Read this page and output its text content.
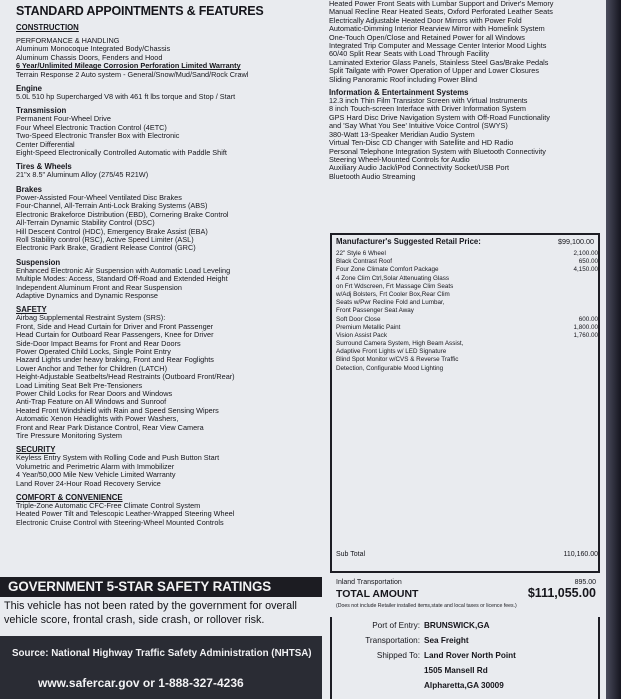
STANDARD APPOINTMENTS & FEATURES
CONSTRUCTION
PERFORMANCE & HANDLING
Aluminum Monocoque Integrated Body/Chassis
Aluminum Chassis Doors, Fenders and Hood
6 Year/Unlimited Mileage Corrosion Perforation Limited Warranty
Terrain Response 2 Auto system - General/Snow/Mud/Sand/Rock Crawl
Engine
5.0L 510 hp Supercharged V8 with 461 ft lbs torque and Stop / Start
Transmission
Permanent Four-Wheel Drive
Four Wheel Electronic Traction Control (4ETC)
Two-Speed Electronic Transfer Box with Electronic
Center Differential
Eight-Speed Electronically Controlled Automatic with Paddle Shift
Tires & Wheels
21"x 8.5" Aluminum Alloy (275/45 R21W)
Brakes
Power-Assisted Four-Wheel Ventilated Disc Brakes
Four-Channel, All-Terrain Anti-Lock Braking Systems (ABS)
Electronic Brakeforce Distribution (EBD), Cornering Brake Control
All-Terrain Dynamic Stability Control (DSC)
Hill Descent Control (HDC), Emergency Brake Assist (EBA)
Roll Stability control (RSC), Active Speed Limiter (ASL)
Electronic Park Brake, Gradient Release Control (GRC)
Suspension
Enhanced Electronic Air Suspension with Automatic Load Leveling
Multiple Modes: Access, Standard Off-Road and Extended Height
Independent Aluminum Front and Rear Suspension
Adaptive Dynamics and Dynamic Response
SAFETY
Airbag Supplemental Restraint System (SRS):
Front, Side and Head Curtain for Driver and Front Passenger
Head Curtain for Outboard Rear Passengers, Knee for Driver
Side-Door Impact Beams for Front and Rear Doors
Power Operated Child Locks, Single Point Entry
Hazard Lights under heavy braking, Front and Rear Foglights
Lower Anchor and Tether for Children (LATCH)
Height-Adjustable Seatbelts/Head Restraints (Outboard Front/Rear)
Load Limiting Seat Belt Pre-Tensioners
Power Child Locks for Rear Doors and Windows
Anti-Trap Feature on All Windows and Sunroof
Heated Front Windshield with Rain and Speed Sensing Wipers
Automatic Xenon Headlights with Power Washers,
Front and Rear Park Distance Control, Rear View Camera
Tire Pressure Monitoring System
SECURITY
Keyless Entry System with Rolling Code and Push Button Start
Volumetric and Perimetric Alarm with Immobilizer
4 Year/50,000 Mile New Vehicle Limited Warranty
Land Rover 24-Hour Road Recovery Service
COMFORT & CONVENIENCE
Triple-Zone Automatic CFC-Free Climate Control System
Heated Power Tilt and Telescopic Leather-Wrapped Steering Wheel
Electronic Cruise Control with Steering-Wheel Mounted Controls
Heated Power Front Seats with Lumbar Support and Driver's Memory
Manual Recline Rear Heated Seats, Oxford Perforated Leather Seats
Electrically Adjustable Heated Door Mirrors with Power Fold
Automatic-Dimming Interior Rearview Mirror with Homelink System
One-Touch Open/Close and Retained Power for all Windows
Integrated Trip Computer and Message Center Interior Mood Lights
60/40 Split Rear Seats with Load Through Facility
Laminated Exterior Glass Panels, Stainless Steel Gas/Brake Pedals
Split Tailgate with Power Operation of Upper and Lower Closures
Sliding Panoramic Roof including Power Blind
Information & Entertainment Systems
12.3 inch Thin Film Transistor Screen with Virtual Instruments
8 inch Touch-screen Interface with Driver Information System
GPS Hard Disc Drive Navigation System with Off-Road Functionality
and 'Say What You See' Intuitive Voice Control (SWYS)
380-Watt 13-Speaker Meridian Audio System
Virtual Ten-Disc CD Changer with Satellite and HD Radio
Personal Telephone Integration System with Bluetooth Connectivity
Steering Wheel-Mounted Controls for Audio
Auxiliary Audio Jack/iPod Connectivity Socket/USB Port
Bluetooth Audio Streaming
Manufacturer's Suggested Retail Price:	$99,100.00
22" Style 6 Wheel	2,100.00
Black Contrast Roof	650.00
Four Zone Climate Comfort Package	4,150.00
4 Zone Clim Ctrl,Solar Attenuating Glass
on Frt Wdscreen, Frt Massage Clim Seats
w/Adj Bolsters, Frt Cooler Box,Rear Clim
Seats w/Pwr Recline Fold and Lumbar,
Front Passenger Seat Away
Soft Door Close	600.00
Premium Metallic Paint	1,800.00
Vision Assist Pack	1,760.00
Surround Camera System, High Beam Assist,
Adaptive Front Lights w/ LED Signature
Blind Spot Monitor w/CVS & Reverse Traffic
Detection, Configurable Mood Lighting
Sub Total	110,160.00
Inland Transportation	895.00
TOTAL AMOUNT	$111,055.00
(Does not include Retailer installed items,state and local taxes or licence fees.)
Port of Entry: BRUNSWICK,GA
Transportation: Sea Freight
Shipped To: Land Rover North Point
1505 Mansell Rd
Alpharetta,GA 30009
GOVERNMENT 5-STAR SAFETY RATINGS
This vehicle has not been rated by the government for overall vehicle score, frontal crash, side crash, or rollover risk.
Source: National Highway Traffic Safety Administration (NHTSA)
www.safercar.gov or 1-888-327-4236
